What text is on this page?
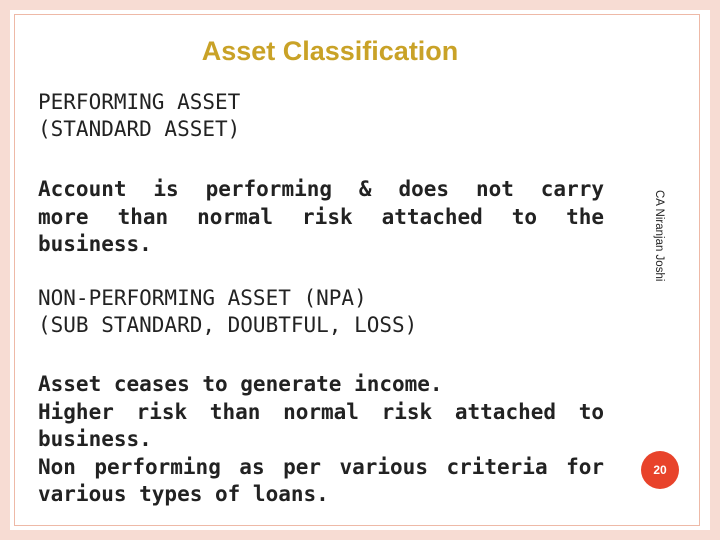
Asset Classification
PERFORMING ASSET
(STANDARD ASSET)
Account is performing & does not carry
more than normal risk attached to the
business.
NON-PERFORMING ASSET (NPA)
(SUB STANDARD, DOUBTFUL, LOSS)
Asset ceases to generate income.
Higher risk than normal risk attached to
business.
Non performing as per various criteria for
various types of loans.
CA Niranjan Joshi
20
